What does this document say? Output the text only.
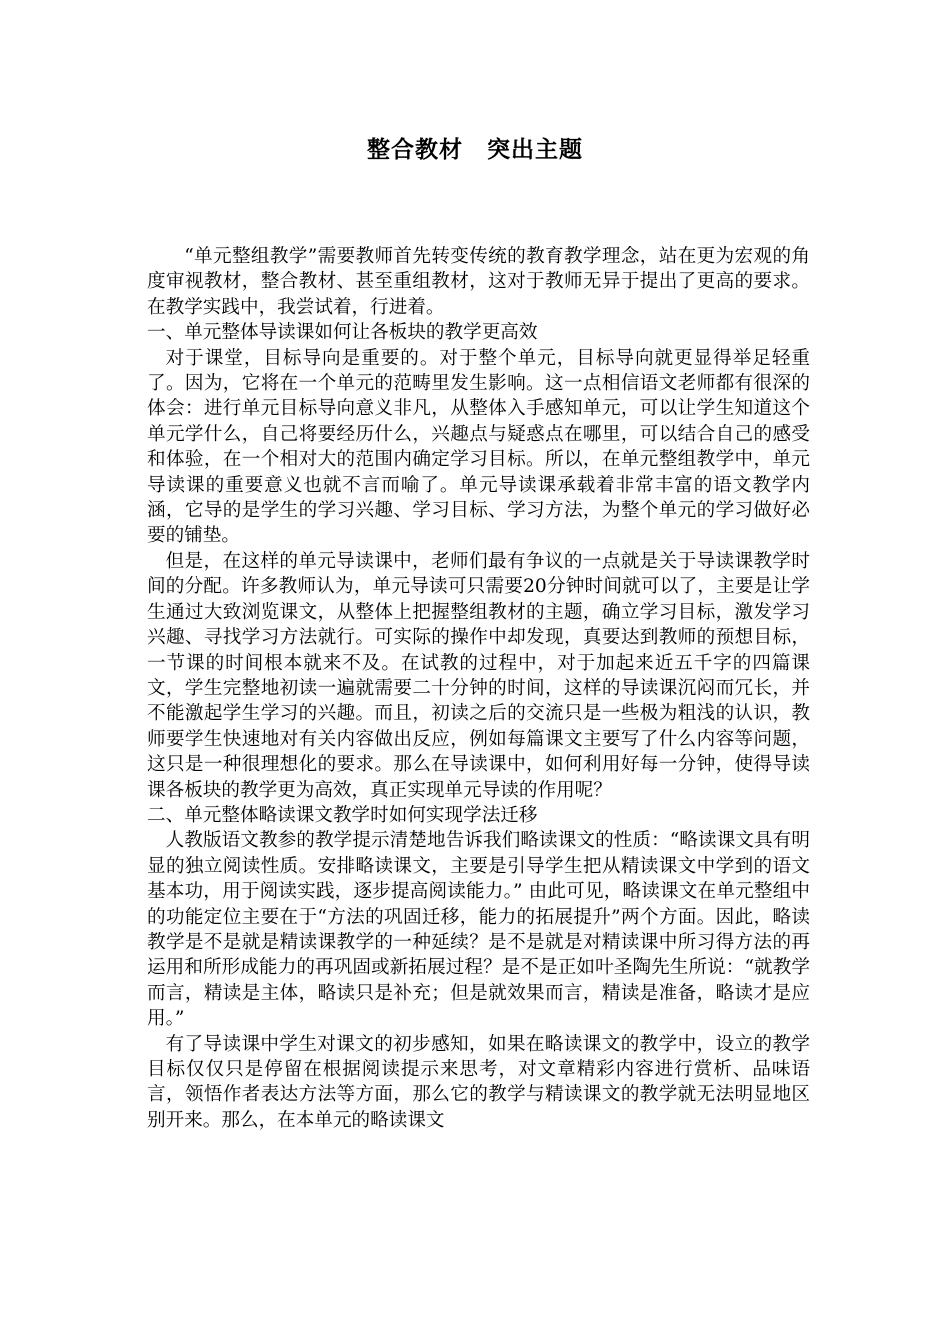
整合教材　突出主题

“单元整组教学”需要教师首先转变传统的教育教学理念，站在更为宏观的角度审视教材，整合教材、甚至重组教材，这对于教师无异于提出了更高的要求。在教学实践中，我尝试着，行进着。

一、单元整体导读课如何让各板块的教学更高效

对于课堂，目标导向是重要的。对于整个单元，目标导向就更显得举足轻重了。因为，它将在一个单元的范畴里发生影响。这一点相信语文老师都有很深的体会：进行单元目标导向意义非凡，从整体入手感知单元，可以让学生知道这个单元学什么，自己将要经历什么，兴趣点与疑惑点在哪里，可以结合自己的感受和体验，在一个相对大的范围内确定学习目标。所以，在单元整组教学中，单元导读课的重要意义也就不言而喻了。单元导读课承载着非常丰富的语文教学内涵，它导的是学生的学习兴趣、学习目标、学习方法，为整个单元的学习做好必要的铺垫。

但是，在这样的单元导读课中，老师们最有争议的一点就是关于导读课教学时间的分配。许多教师认为，单元导读可只需要20分钟时间就可以了，主要是让学生通过大致浏览课文，从整体上把握整组教材的主题，确立学习目标，激发学习兴趣、寻找学习方法就行。可实际的操作中却发现，真要达到教师的预想目标，一节课的时间根本就来不及。在试教的过程中，对于加起来近五千字的四篇课文，学生完整地初读一遍就需要二十分钟的时间，这样的导读课沉闷而冗长，并不能激起学生学习的兴趣。而且，初读之后的交流只是一些极为粗浅的认识，教师要学生快速地对有关内容做出反应，例如每篇课文主要写了什么内容等问题，这只是一种很理想化的要求。那么在导读课中，如何利用好每一分钟，使得导读课各板块的教学更为高效，真正实现单元导读的作用呢？

二、单元整体略读课文教学时如何实现学法迁移

人教版语文教参的教学提示清楚地告诉我们略读课文的性质：“略读课文具有明显的独立阅读性质。安排略读课文，主要是引导学生把从精读课文中学到的语文基本功，用于阅读实践，逐步提高阅读能力。” 由此可见，略读课文在单元整组中的功能定位主要在于“方法的巩固迁移，能力的拓展提升”两个方面。因此，略读教学是不是就是精读课教学的一种延续？是不是就是对精读课中所习得方法的再运用和所形成能力的再巩固或新拓展过程？是不是正如叶圣陶先生所说：“就教学而言，精读是主体，略读只是补充；但是就效果而言，精读是准备，略读才是应用。”

有了导读课中学生对课文的初步感知，如果在略读课文的教学中，设立的教学目标仅仅只是停留在根据阅读提示来思考，对文章精彩内容进行赏析、品味语言，领悟作者表达方法等方面，那么它的教学与精读课文的教学就无法明显地区别开来。那么，在本单元的略读课文
